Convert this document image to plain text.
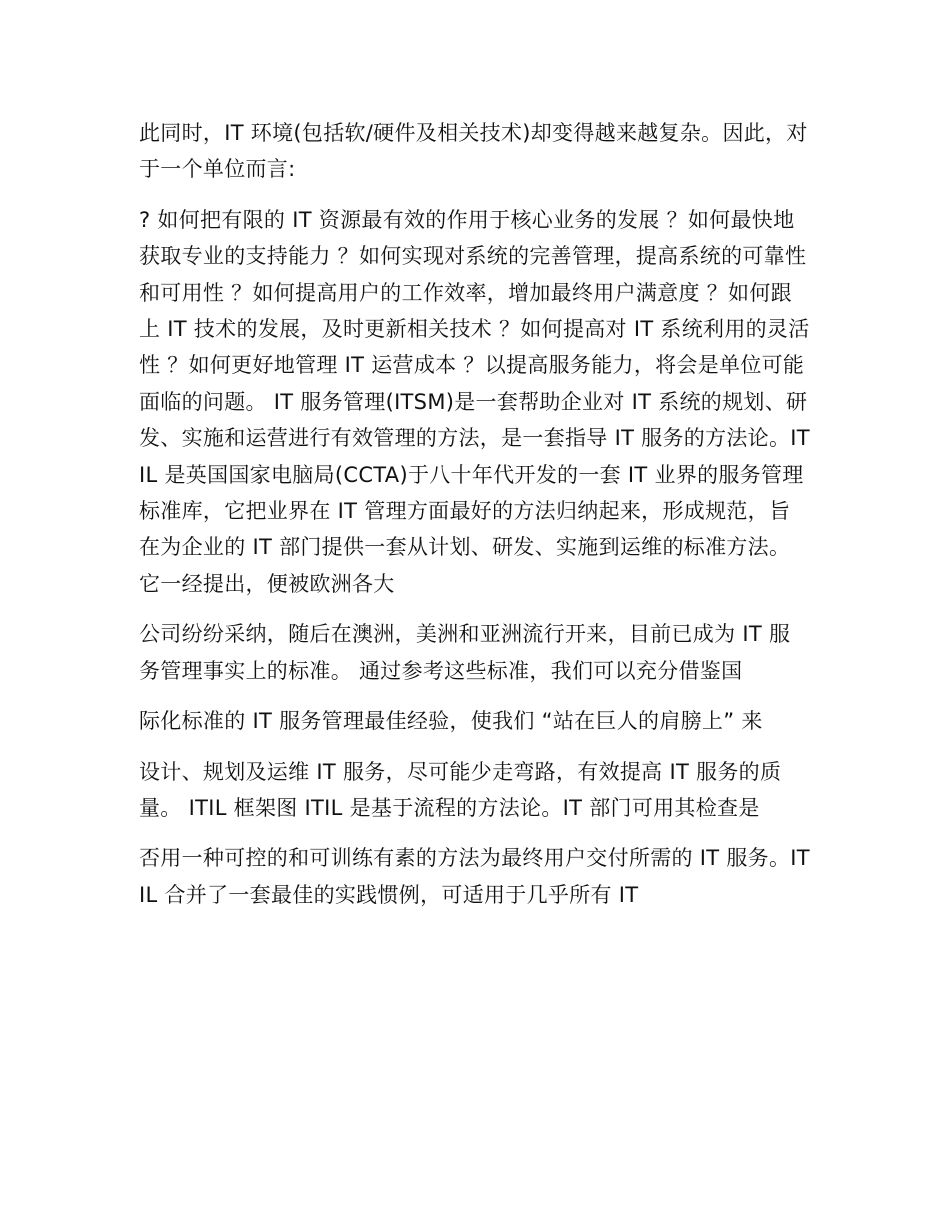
此同时，IT 环境(包括软/硬件及相关技术)却变得越来越复杂。因此，对于一个单位而言:

? 如何把有限的 IT 资源最有效的作用于核心业务的发展 ？如何最快地获取专业的支持能力 ？如何实现对系统的完善管理，提高系统的可靠性和可用性 ？如何提高用户的工作效率，增加最终用户满意度 ？如何跟上 IT 技术的发展，及时更新相关技术 ？如何提高对 IT 系统利用的灵活性 ？如何更好地管理 IT 运营成本 ？以提高服务能力，将会是单位可能面临的问题。 IT 服务管理(ITSM)是一套帮助企业对 IT 系统的规划、研发、实施和运营进行有效管理的方法，是一套指导 IT 服务的方法论。ITIL 是英国国家电脑局(CCTA)于八十年代开发的一套 IT 业界的服务管理标准库，它把业界在 IT 管理方面最好的方法归纳起来，形成规范，旨在为企业的 IT 部门提供一套从计划、研发、实施到运维的标准方法。它一经提出，便被欧洲各大

公司纷纷采纳，随后在澳洲，美洲和亚洲流行开来，目前已成为 IT 服务管理事实上的标准。 通过参考这些标准，我们可以充分借鉴国

际化标准的 IT 服务管理最佳经验，使我们 “站在巨人的肩膀上” 来

设计、规划及运维 IT 服务，尽可能少走弯路，有效提高 IT 服务的质量。 ITIL 框架图 ITIL 是基于流程的方法论。IT 部门可用其检查是

否用一种可控的和可训练有素的方法为最终用户交付所需的 IT 服务。ITIL 合并了一套最佳的实践惯例，可适用于几乎所有 IT
